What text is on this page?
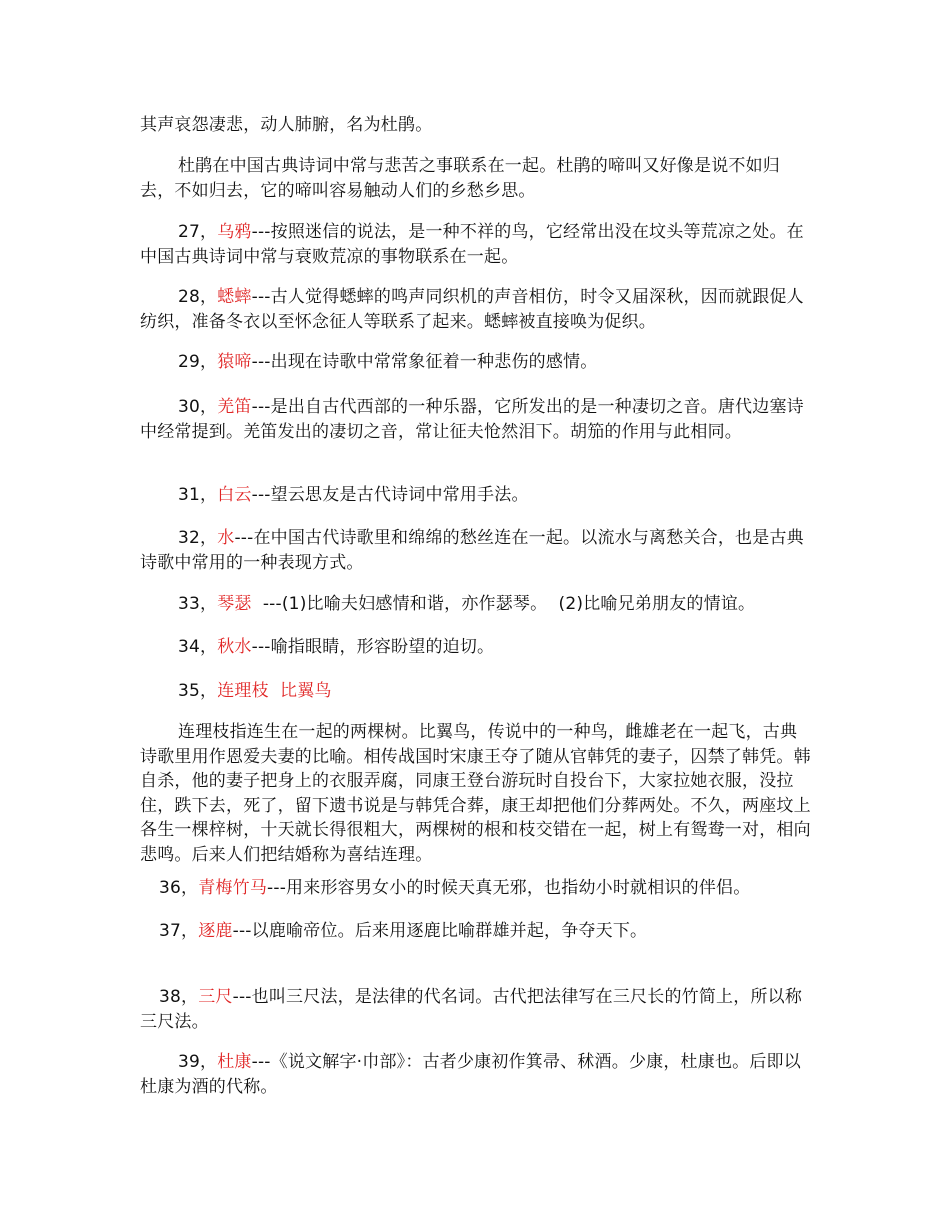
其声哀怨凄悲，动人肺腑，名为杜鹃。

杜鹃在中国古典诗词中常与悲苦之事联系在一起。杜鹃的啼叫又好像是说不如归去，不如归去，它的啼叫容易触动人们的乡愁乡思。

27，乌鸦---按照迷信的说法，是一种不祥的鸟，它经常出没在坟头等荒凉之处。在中国古典诗词中常与衰败荒凉的事物联系在一起。

28，蟋蟀---古人觉得蟋蟀的鸣声同织机的声音相仿，时令又届深秋，因而就跟促人纺织，准备冬衣以至怀念征人等联系了起来。蟋蟀被直接唤为促织。

29，猿啼---出现在诗歌中常常象征着一种悲伤的感情。

30，羌笛---是出自古代西部的一种乐器，它所发出的是一种凄切之音。唐代边塞诗中经常提到。羌笛发出的凄切之音，常让征夫怆然泪下。胡笳的作用与此相同。

31，白云---望云思友是古代诗词中常用手法。

32，水---在中国古代诗歌里和绵绵的愁丝连在一起。以流水与离愁关合，也是古典诗歌中常用的一种表现方式。

33，琴瑟  ---(1)比喻夫妇感情和谐，亦作瑟琴。  (2)比喻兄弟朋友的情谊。

34，秋水---喻指眼睛，形容盼望的迫切。

35，连理枝  比翼鸟

连理枝指连生在一起的两棵树。比翼鸟，传说中的一种鸟，雌雄老在一起飞，古典诗歌里用作恩爱夫妻的比喻。相传战国时宋康王夺了随从官韩凭的妻子，囚禁了韩凭。韩自杀，他的妻子把身上的衣服弄腐，同康王登台游玩时自投台下，大家拉她衣服，没拉住，跌下去，死了，留下遗书说是与韩凭合葬，康王却把他们分葬两处。不久，两座坟上各生一棵梓树，十天就长得很粗大，两棵树的根和枝交错在一起，树上有鸳鸯一对，相向悲鸣。后来人们把结婚称为喜结连理。

36，青梅竹马---用来形容男女小的时候天真无邪，也指幼小时就相识的伴侣。

37，逐鹿---以鹿喻帝位。后来用逐鹿比喻群雄并起，争夺天下。

38，三尺---也叫三尺法，是法律的代名词。古代把法律写在三尺长的竹简上，所以称三尺法。

39，杜康---《说文解字·巾部》：古者少康初作箕帚、秫酒。少康，杜康也。后即以杜康为酒的代称。
